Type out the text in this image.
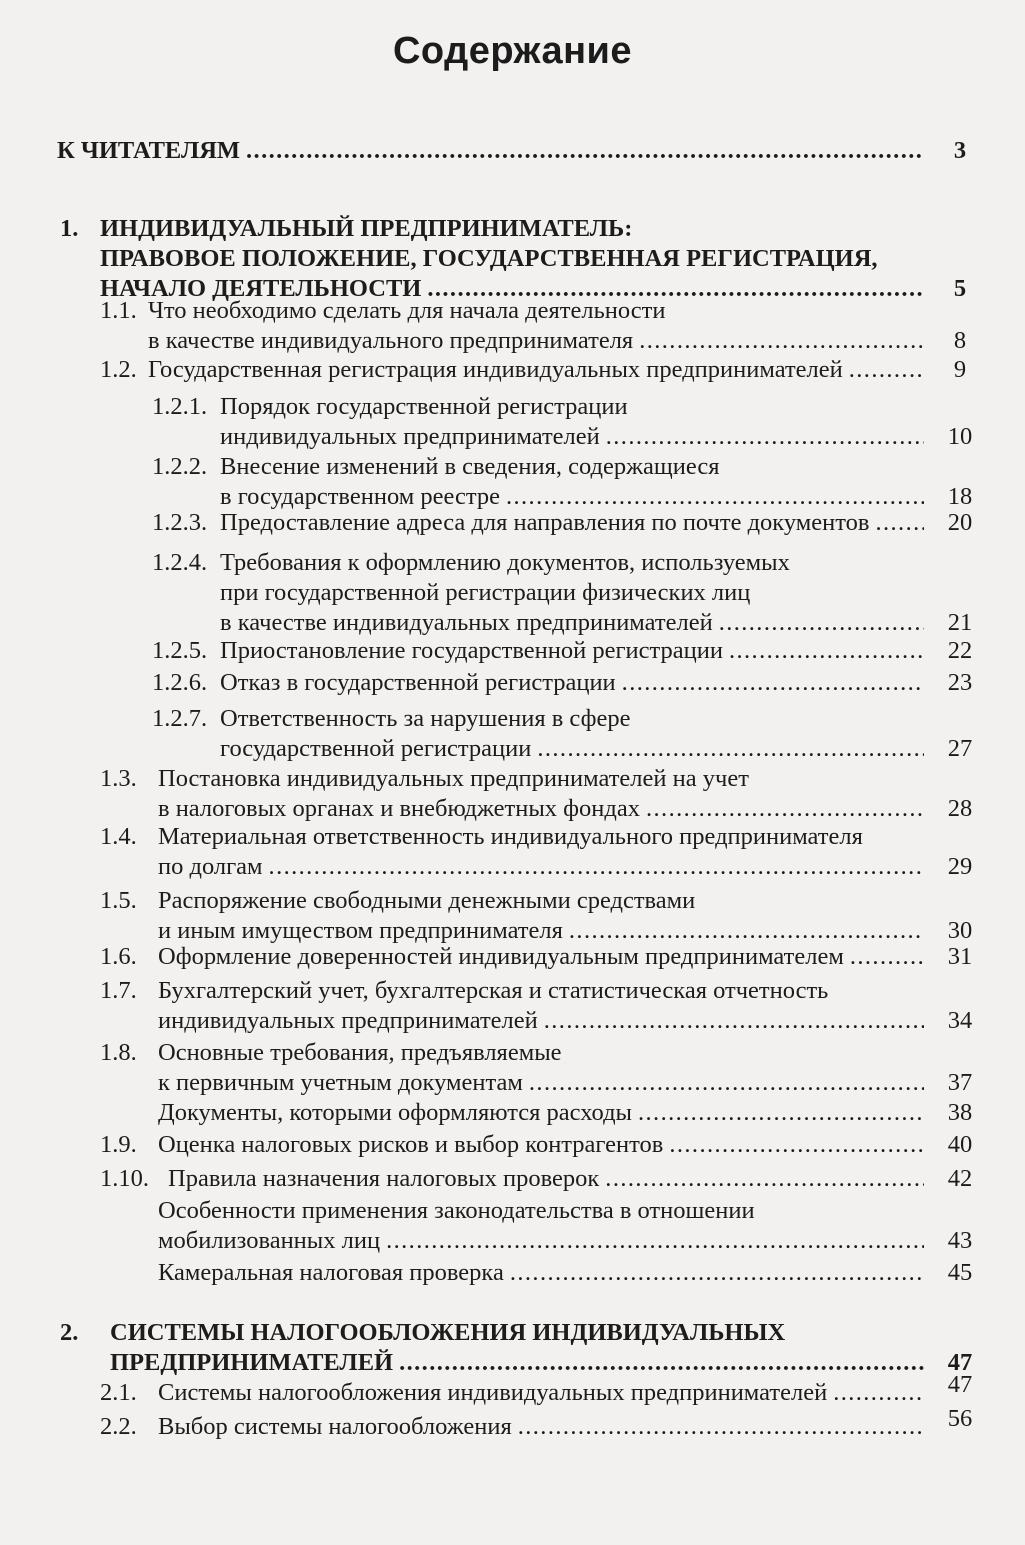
Содержание
К ЧИТАТЕЛЯМ .....	3
1. ИНДИВИДУАЛЬНЫЙ ПРЕДПРИНИМАТЕЛЬ:
ПРАВОВОЕ ПОЛОЖЕНИЕ, ГОСУДАРСТВЕННАЯ РЕГИСТРАЦИЯ,
НАЧАЛО ДЕЯТЕЛЬНОСТИ .....	5
1.1. Что необходимо сделать для начала деятельности
в качестве индивидуального предпринимателя .....	8
1.2. Государственная регистрация индивидуальных предпринимателей .....	9
1.2.1. Порядок государственной регистрации
индивидуальных предпринимателей .....	10
1.2.2. Внесение изменений в сведения, содержащиеся
в государственном реестре .....	18
1.2.3. Предоставление адреса для направления по почте документов .....	20
1.2.4. Требования к оформлению документов, используемых
при государственной регистрации физических лиц
в качестве индивидуальных предпринимателей .....	21
1.2.5. Приостановление государственной регистрации .....	22
1.2.6. Отказ в государственной регистрации .....	23
1.2.7. Ответственность за нарушения в сфере
государственной регистрации .....	27
1.3. Постановка индивидуальных предпринимателей на учет
в налоговых органах и внебюджетных фондах .....	28
1.4. Материальная ответственность индивидуального предпринимателя
по долгам .....	29
1.5. Распоряжение свободными денежными средствами
и иным имуществом предпринимателя .....	30
1.6. Оформление доверенностей индивидуальным предпринимателем .....	31
1.7. Бухгалтерский учет, бухгалтерская и статистическая отчетность
индивидуальных предпринимателей .....	34
1.8. Основные требования, предъявляемые
к первичным учетным документам .....	37
Документы, которыми оформляются расходы .....	38
1.9. Оценка налоговых рисков и выбор контрагентов .....	40
1.10. Правила назначения налоговых проверок .....	42
Особенности применения законодательства в отношении
мобилизованных лиц .....	43
Камеральная налоговая проверка .....	45
2.	СИСТЕМЫ НАЛОГООБЛОЖЕНИЯ ИНДИВИДУАЛЬНЫХ
ПРЕДПРИНИМАТЕЛЕЙ .....	47
2.1. Системы налогообложения индивидуальных предпринимателей .....	47
2.2. Выбор системы налогообложения .....	56
